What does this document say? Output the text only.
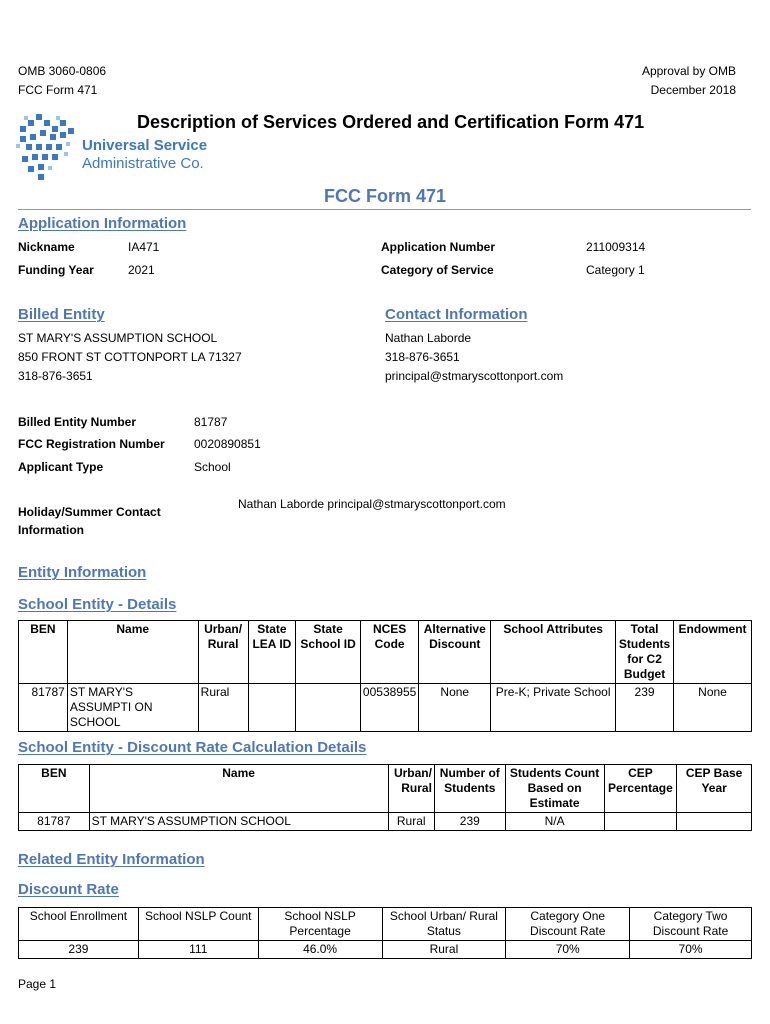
OMB 3060-0806
FCC Form 471
Approval by OMB
December 2018
Universal Service
Administrative Co.
Description of Services Ordered and Certification Form 471
FCC Form 471
Application Information
Nickname	IA471
Funding Year	2021
Application Number	211009314
Category of Service	Category 1
Billed Entity
ST MARY'S ASSUMPTION SCHOOL
850 FRONT ST COTTONPORT LA 71327
318-876-3651
Contact Information
Nathan Laborde
318-876-3651
principal@stmaryscottonport.com
Billed Entity Number	81787
FCC Registration Number 0020890851
Applicant Type	School
Holiday/Summer Contact
Information
Nathan Laborde principal@stmaryscottonport.com
Entity Information
School Entity - Details
BEN	Name	Urban/ Rural	State LEA ID	State School ID	NCES Code	Alternative Discount	School Attributes	Total Students for C2 Budget	Endowment
81787	ST MARY'S ASSUMPTI ON SCHOOL	Rural			00538955	None	Pre-K; Private School	239	None
School Entity - Discount Rate Calculation Details
BEN	Name	Urban/ Rural	Number of Students	Students Count Based on Estimate	CEP Percentage	CEP Base Year
81787	ST MARY'S ASSUMPTION SCHOOL	Rural	239	N/A		
Related Entity Information
Discount Rate
School Enrollment	School NSLP Count	School NSLP Percentage	School Urban/ Rural Status	Category One Discount Rate	Category Two Discount Rate
239	111	46.0%	Rural	70%	70%
Page 1
